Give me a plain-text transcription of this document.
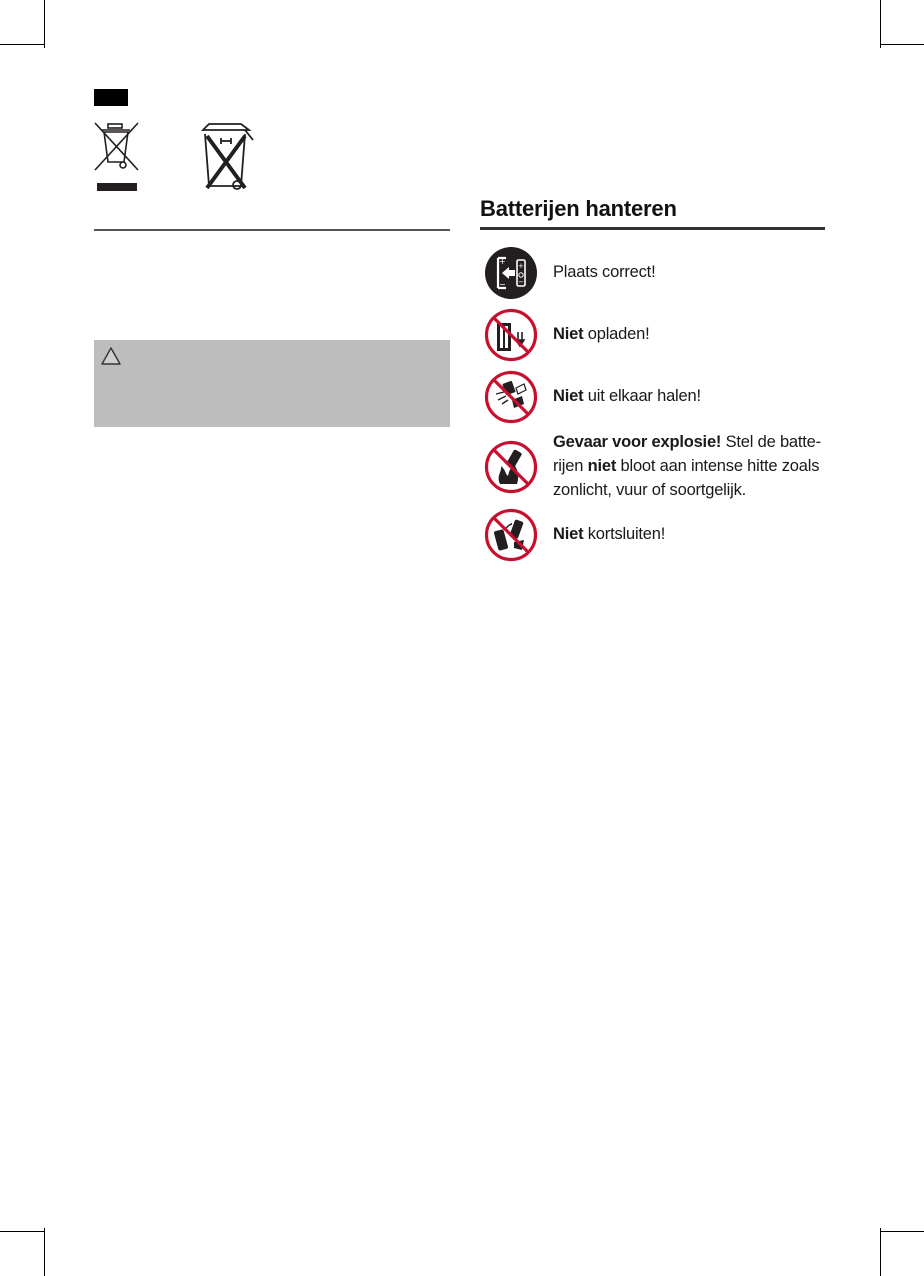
Batterijen hanteren
+
−
+
−
Plaats correct!
Niet opladen!
Niet uit elkaar halen!
Gevaar voor explosie! Stel de batte-rijen niet bloot aan intense hitte zoals zonlicht, vuur of soortgelijk.
Niet kortsluiten!
